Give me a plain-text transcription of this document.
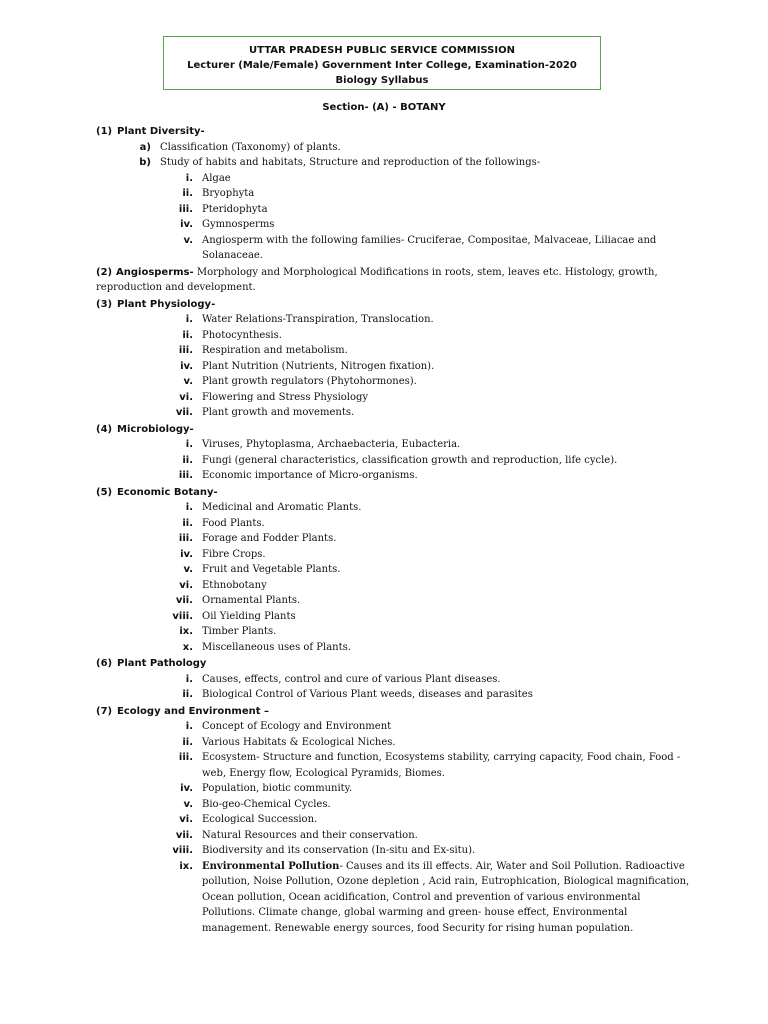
UTTAR PRADESH PUBLIC SERVICE COMMISSION
Lecturer (Male/Female) Government Inter College, Examination-2020
Biology Syllabus
Section- (A) - BOTANY
(1) Plant Diversity-
a) Classification (Taxonomy) of plants.
b) Study of habits and habitats, Structure and reproduction of the followings-
i. Algae
ii. Bryophyta
iii. Pteridophyta
iv. Gymnosperms
v. Angiosperm with the following families- Cruciferae, Compositae, Malvaceae, Liliacae and Solanaceae.
(2) Angiosperms- Morphology and Morphological Modifications in roots, stem, leaves etc. Histology, growth, reproduction and development.
(3) Plant Physiology-
i. Water Relations-Transpiration, Translocation.
ii. Photocynthesis.
iii. Respiration and metabolism.
iv. Plant Nutrition (Nutrients, Nitrogen fixation).
v. Plant growth regulators (Phytohormones).
vi. Flowering and Stress Physiology
vii. Plant growth and movements.
(4) Microbiology-
i. Viruses, Phytoplasma, Archaebacteria, Eubacteria.
ii. Fungi (general characteristics, classification growth and reproduction, life cycle).
iii. Economic importance of Micro-organisms.
(5) Economic Botany-
i. Medicinal and Aromatic Plants.
ii. Food Plants.
iii. Forage and Fodder Plants.
iv. Fibre Crops.
v. Fruit and Vegetable Plants.
vi. Ethnobotany
vii. Ornamental Plants.
viii. Oil Yielding Plants
ix. Timber Plants.
x. Miscellaneous uses of Plants.
(6) Plant Pathology
i. Causes, effects, control and cure of various Plant diseases.
ii. Biological Control of Various Plant weeds, diseases and parasites
(7) Ecology and Environment –
i. Concept of Ecology and Environment
ii. Various Habitats & Ecological Niches.
iii. Ecosystem- Structure and function, Ecosystems stability, carrying capacity, Food chain, Food -web, Energy flow, Ecological Pyramids, Biomes.
iv. Population, biotic community.
v. Bio-geo-Chemical Cycles.
vi. Ecological Succession.
vii. Natural Resources and their conservation.
viii. Biodiversity and its conservation (In-situ and Ex-situ).
ix. Environmental Pollution- Causes and its ill effects. Air, Water and Soil Pollution. Radioactive pollution, Noise Pollution, Ozone depletion , Acid rain, Eutrophication, Biological magnification, Ocean pollution, Ocean acidification, Control and prevention of various environmental Pollutions. Climate change, global warming and green- house effect, Environmental management. Renewable energy sources, food Security for rising human population.
